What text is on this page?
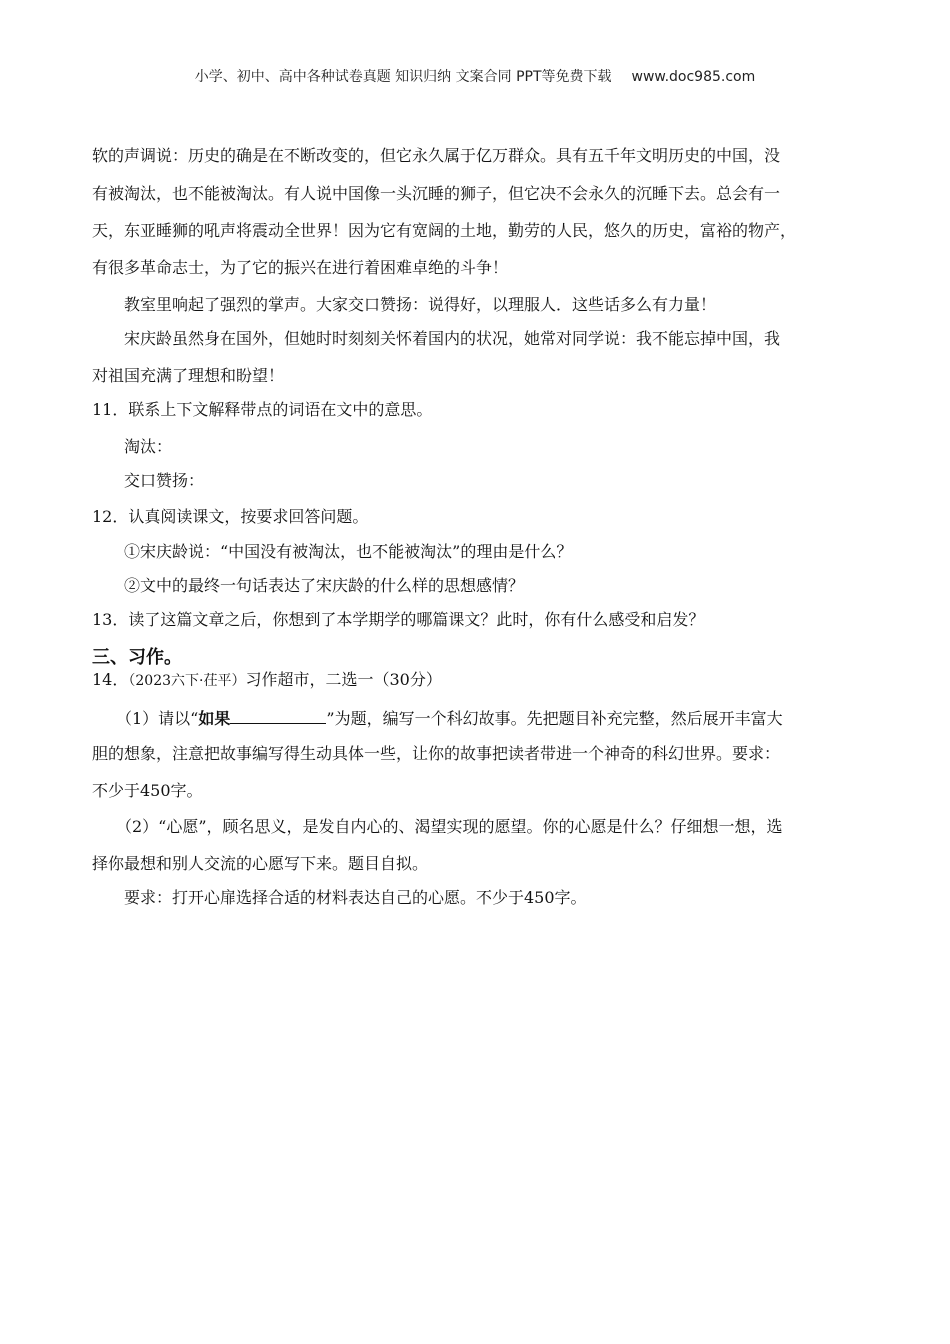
小学、初中、高中各种试卷真题 知识归纳 文案合同 PPT等免费下载 www.doc985.com
软的声调说：历史的确是在不断改变的，但它永久属于亿万群众。具有五千年文明历史的中国，没
有被淘汰，也不能被淘汰。有人说中国像一头沉睡的狮子，但它决不会永久的沉睡下去。总会有一
天，东亚睡狮的吼声将震动全世界！因为它有宽阔的土地，勤劳的人民，悠久的历史，富裕的物产，
有很多革命志士，为了它的振兴在进行着困难卓绝的斗争！
教室里响起了强烈的掌声。大家交口赞扬：说得好，以理服人．这些话多么有力量！
宋庆龄虽然身在国外，但她时时刻刻关怀着国内的状况，她常对同学说：我不能忘掉中国，我
对祖国充满了理想和盼望！
11．联系上下文解释带点的词语在文中的意思。
淘汰：
交口赞扬：
12．认真阅读课文，按要求回答问题。
①宋庆龄说：“中国没有被淘汰，也不能被淘汰”的理由是什么？
②文中的最终一句话表达了宋庆龄的什么样的思想感情？
13．读了这篇文章之后，你想到了本学期学的哪篇课文？此时，你有什么感受和启发？
三、习作。
14．（2023六下·茌平）习作超市，二选一（30分）
（1）请以“如果	”为题，编写一个科幻故事。先把题目补充完整，然后展开丰富大
胆的想象，注意把故事编写得生动具体一些，让你的故事把读者带进一个神奇的科幻世界。要求：
不少于450字。
（2）“心愿”，顾名思义，是发自内心的、渴望实现的愿望。你的心愿是什么？仔细想一想，选
择你最想和别人交流的心愿写下来。题目自拟。
要求：打开心扉选择合适的材料表达自己的心愿。不少于450字。
